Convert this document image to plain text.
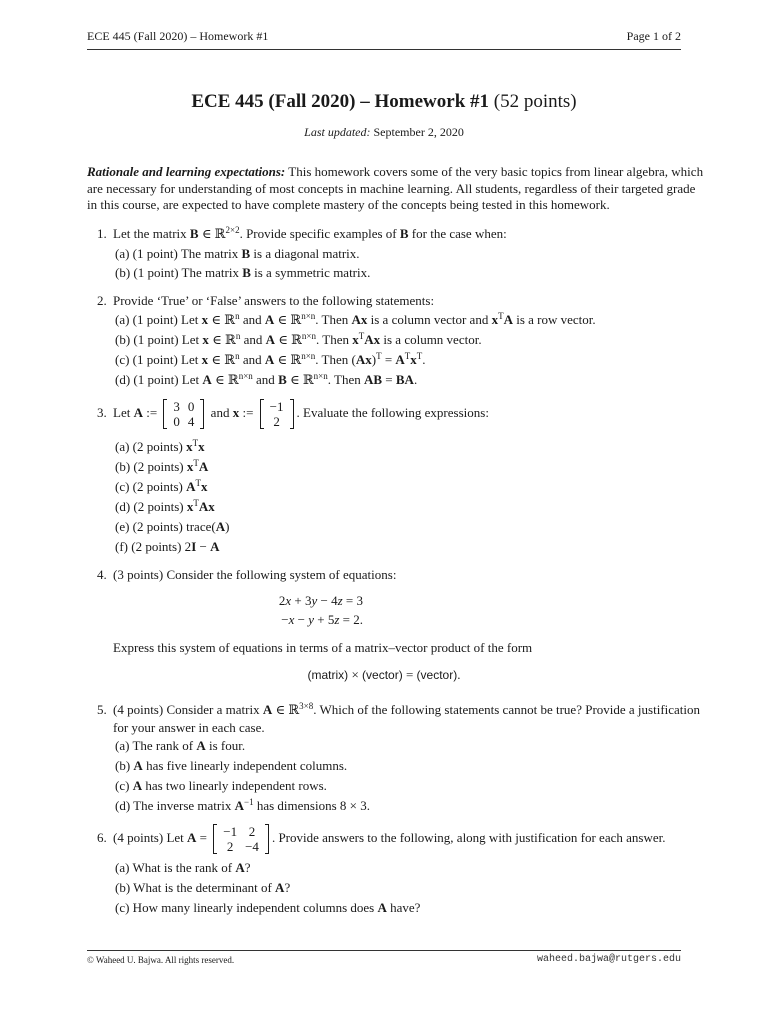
ECE 445 (Fall 2020) – Homework #1	Page 1 of 2
ECE 445 (Fall 2020) – Homework #1 (52 points)
Last updated: September 2, 2020
Rationale and learning expectations: This homework covers some of the very basic topics from linear algebra, which
are necessary for understanding of most concepts in machine learning. All students, regardless of their targeted grade
in this course, are expected to have complete mastery of the concepts being tested in this homework.
1. Let the matrix B ∈ ℝ$^{2\times 2}$. Provide specific examples of B for the case when:
(a) (1 point) The matrix B is a diagonal matrix.
(b) (1 point) The matrix B is a symmetric matrix.
2. Provide ‘True’ or ‘False’ answers to the following statements:
(a) (1 point) Let x ∈ ℝ$^n$ and A ∈ ℝ$^{n\times n}$. Then Ax is a column vector and $x^TA$ is a row vector.
(b) (1 point) Let x ∈ ℝ$^n$ and A ∈ ℝ$^{n\times n}$. Then $x^TAx$ is a column vector.
(c) (1 point) Let x ∈ ℝ$^n$ and A ∈ ℝ$^{n\times n}$. Then $(Ax)^T = A^Tx^T$.
(d) (1 point) Let A ∈ ℝ$^{n\times n}$ and B ∈ ℝ$^{n\times n}$. Then AB = BA.
3. Let A := 3	0
0	4
and x := −1
2
. Evaluate the following expressions:
(a) (2 points) $x^Tx$
(b) (2 points) $x^TA$
(c) (2 points) $A^Tx$
(d) (2 points) $x^TAx$
(e) (2 points) trace(A)
(f) (2 points) 2I − A
4. (3 points) Consider the following system of equations:
2x + 3y − 4z = 3
−x − y + 5z = 2.
Express this system of equations in terms of a matrix–vector product of the form
(matrix) × (vector) = (vector).
5. (4 points) Consider a matrix A ∈ ℝ$^{3\times 8}$. Which of the following statements cannot be true? Provide a justification
for your answer in each case.
(a) The rank of A is four.
(b) A has five linearly independent columns.
(c) A has two linearly independent rows.
(d) The inverse matrix $A^{-1}$ has dimensions 8 × 3.
6. (4 points) Let A = −1	2
2	−4
. Provide answers to the following, along with justification for each answer.
(a) What is the rank of A?
(b) What is the determinant of A?
(c) How many linearly independent columns does A have?
© Waheed U. Bajwa. All rights reserved.	waheed.bajwa@rutgers.edu
